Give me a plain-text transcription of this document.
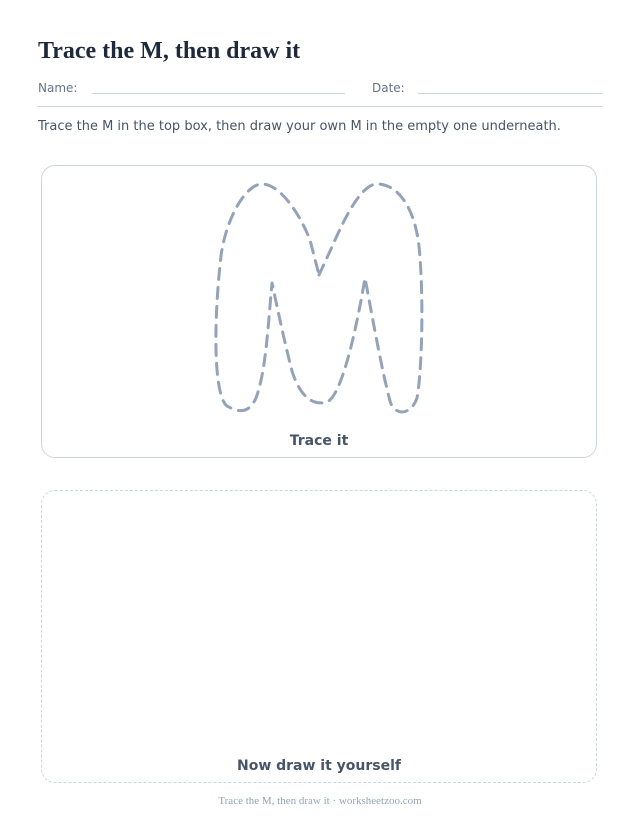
Trace the M, then draw it
Name:	Date:

Trace the M in the top box, then draw your own M in the empty one underneath.

Trace it
Now draw it yourself
Trace the M, then draw it · worksheetzoo.com
